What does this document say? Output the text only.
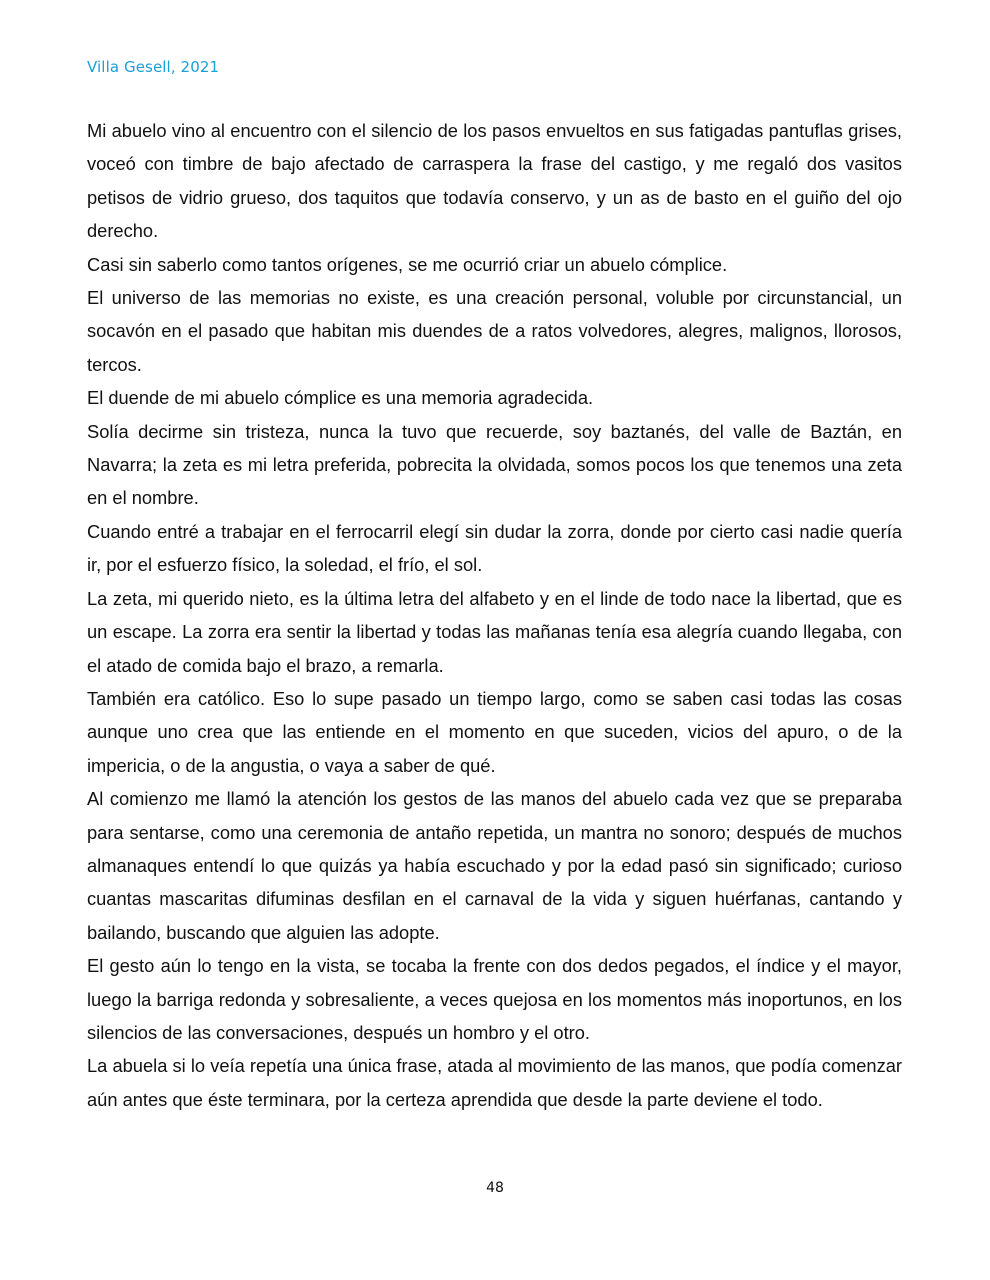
Villa Gesell, 2021

Mi abuelo vino al encuentro con el silencio de los pasos envueltos en sus fatigadas pantuflas grises, voceó con timbre de bajo afectado de carraspera la frase del castigo, y me regaló dos vasitos petisos de vidrio grueso, dos taquitos que todavía conservo, y un as de basto en el guiño del ojo derecho.

Casi sin saberlo como tantos orígenes, se me ocurrió criar un abuelo cómplice.

El universo de las memorias no existe, es una creación personal, voluble por circunstancial, un socavón en el pasado que habitan mis duendes de a ratos volvedores, alegres, malignos, llorosos, tercos.

El duende de mi abuelo cómplice es una memoria agradecida.

Solía decirme sin tristeza, nunca la tuvo que recuerde, soy baztanés, del valle de Baztán, en Navarra; la zeta es mi letra preferida, pobrecita la olvidada, somos pocos los que tenemos una zeta en el nombre.

Cuando entré a trabajar en el ferrocarril elegí sin dudar la zorra, donde por cierto casi nadie quería ir, por el esfuerzo físico, la soledad, el frío, el sol.

La zeta, mi querido nieto, es la última letra del alfabeto y en el linde de todo nace la libertad, que es un escape. La zorra era sentir la libertad y todas las mañanas tenía esa alegría cuando llegaba, con el atado de comida bajo el brazo, a remarla.

También era católico. Eso lo supe pasado un tiempo largo, como se saben casi todas las cosas aunque uno crea que las entiende en el momento en que suceden, vicios del apuro, o de la impericia, o de la angustia, o vaya a saber de qué.

Al comienzo me llamó la atención los gestos de las manos del abuelo cada vez que se preparaba para sentarse, como una ceremonia de antaño repetida, un mantra no sonoro; después de muchos almanaques entendí lo que quizás ya había escuchado y por la edad pasó sin significado; curioso cuantas mascaritas difuminas desfilan en el carnaval de la vida y siguen huérfanas, cantando y bailando, buscando que alguien las adopte.

El gesto aún lo tengo en la vista, se tocaba la frente con dos dedos pegados, el índice y el mayor, luego la barriga redonda y sobresaliente, a veces quejosa en los momentos más inoportunos, en los silencios de las conversaciones, después un hombro y el otro.

La abuela si lo veía repetía una única frase, atada al movimiento de las manos, que podía comenzar aún antes que éste terminara, por la certeza aprendida que desde la parte deviene el todo.

48
